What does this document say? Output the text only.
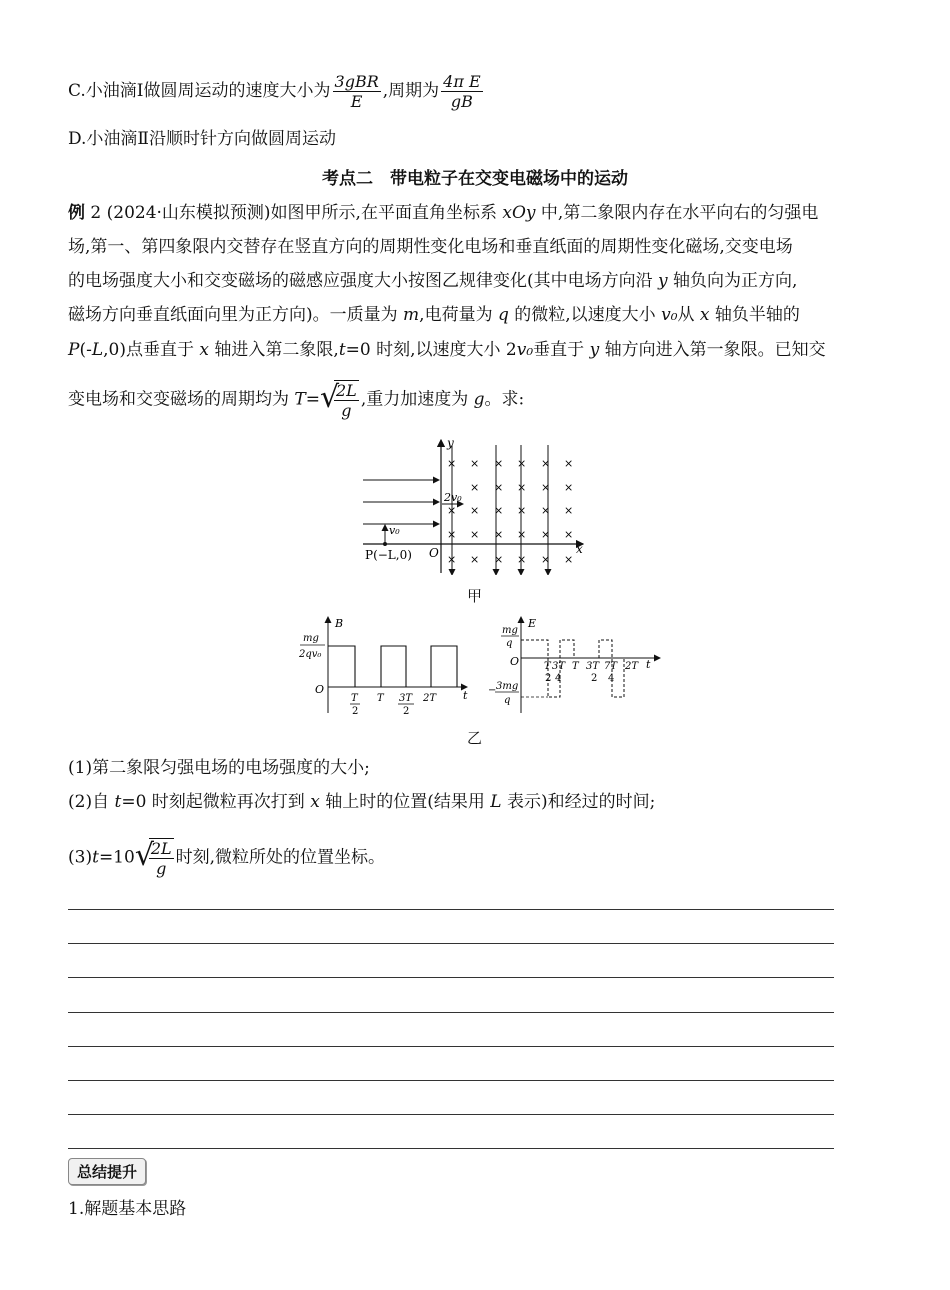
C.小油滴Ⅰ做圆周运动的速度大小为 $\frac{\text{3gBR}}{E}$ ,周期为 $\frac{\text{4π E}}{gB}$
D.小油滴Ⅱ沿顺时针方向做圆周运动
考点二　带电粒子在交变电磁场中的运动
例 2 (2024·山东模拟预测)如图甲所示,在平面直角坐标系 xOy 中,第二象限内存在水平向右的匀强电
场,第一、第四象限内交替存在竖直方向的周期性变化电场和垂直纸面的周期性变化磁场,交变电场
的电场强度大小和交变磁场的磁感应强度大小按图乙规律变化(其中电场方向沿 y 轴负向为正方向,
磁场方向垂直纸面向里为正方向)。一质量为 m,电荷量为 q 的微粒,以速度大小 v₀从 x 轴负半轴的
P(-L,0)点垂直于 x 轴进入第二象限,t=0 时刻,以速度大小 2v₀垂直于 y 轴方向进入第一象限。已知交
变电场和交变磁场的周期均为 T= √
$\frac{2L}{g}$ ,重力加速度为 g。求:
x
y
O
v₀
P(−L,0)
2v₀
× × × × × ×
× × × × ×
× × × × × ×
× × × × × ×
× × × × × ×
甲
B
t
O
mg
2qv₀
T
2
T 3T
2
2T
E
t
O
mg
q
− 3mg
q
T
2
3T
4
T 3T
2
7T
4
2T
乙
(1)第二象限匀强电场的电场强度的大小;
(2)自 t=0 时刻起微粒再次打到 x 轴上时的位置(结果用 L 表示)和经过的时间;
(3)t=10 √
$\frac{2L}{g}$ 时刻,微粒所处的位置坐标。
总结提升
1.解题基本思路
